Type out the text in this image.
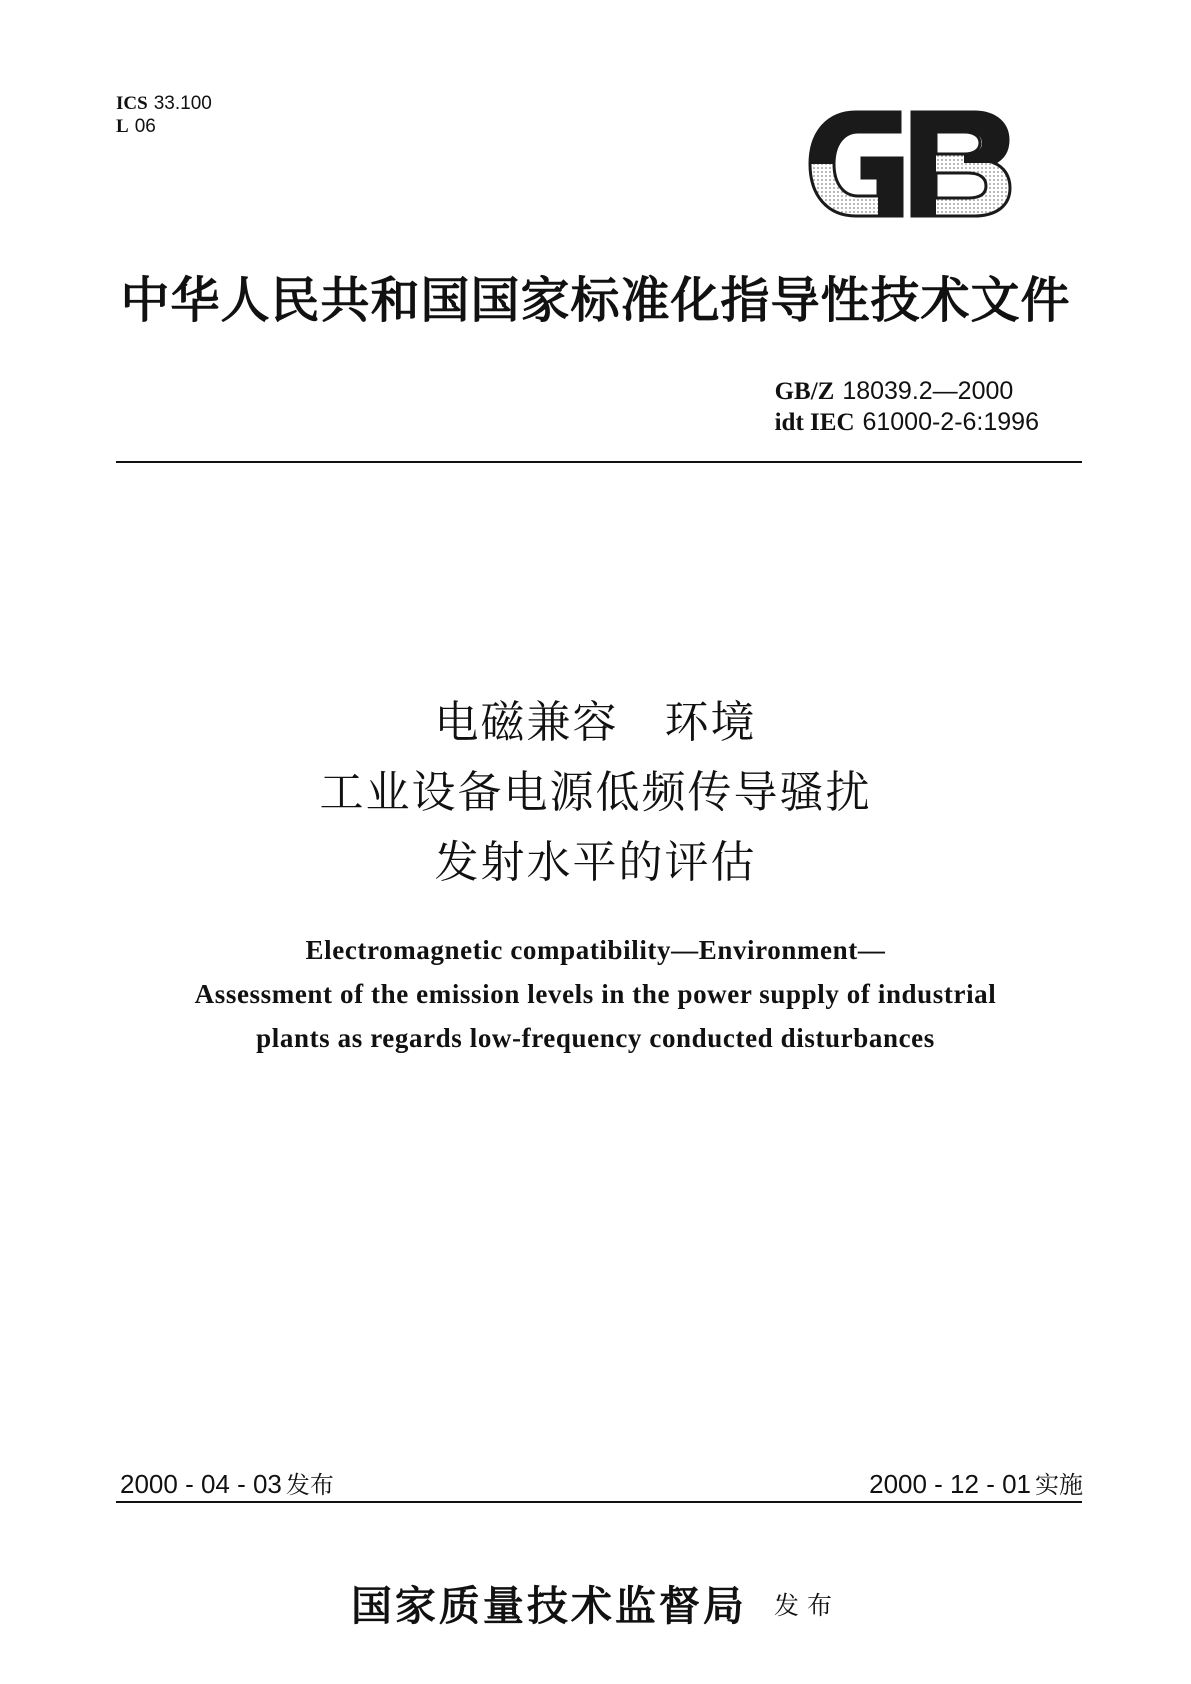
ICS 33.100
L 06
中华人民共和国国家标准化指导性技术文件
GB/Z 18039.2—2000
idt IEC 61000-2-6:1996
电磁兼容　环境
工业设备电源低频传导骚扰
发射水平的评估
Electromagnetic compatibility—Environment—
Assessment of the emission levels in the power supply of industrial
plants as regards low-frequency conducted disturbances
2000 - 04 - 03 发布	2000 - 12 - 01 实施
国家质量技术监督局 发布
